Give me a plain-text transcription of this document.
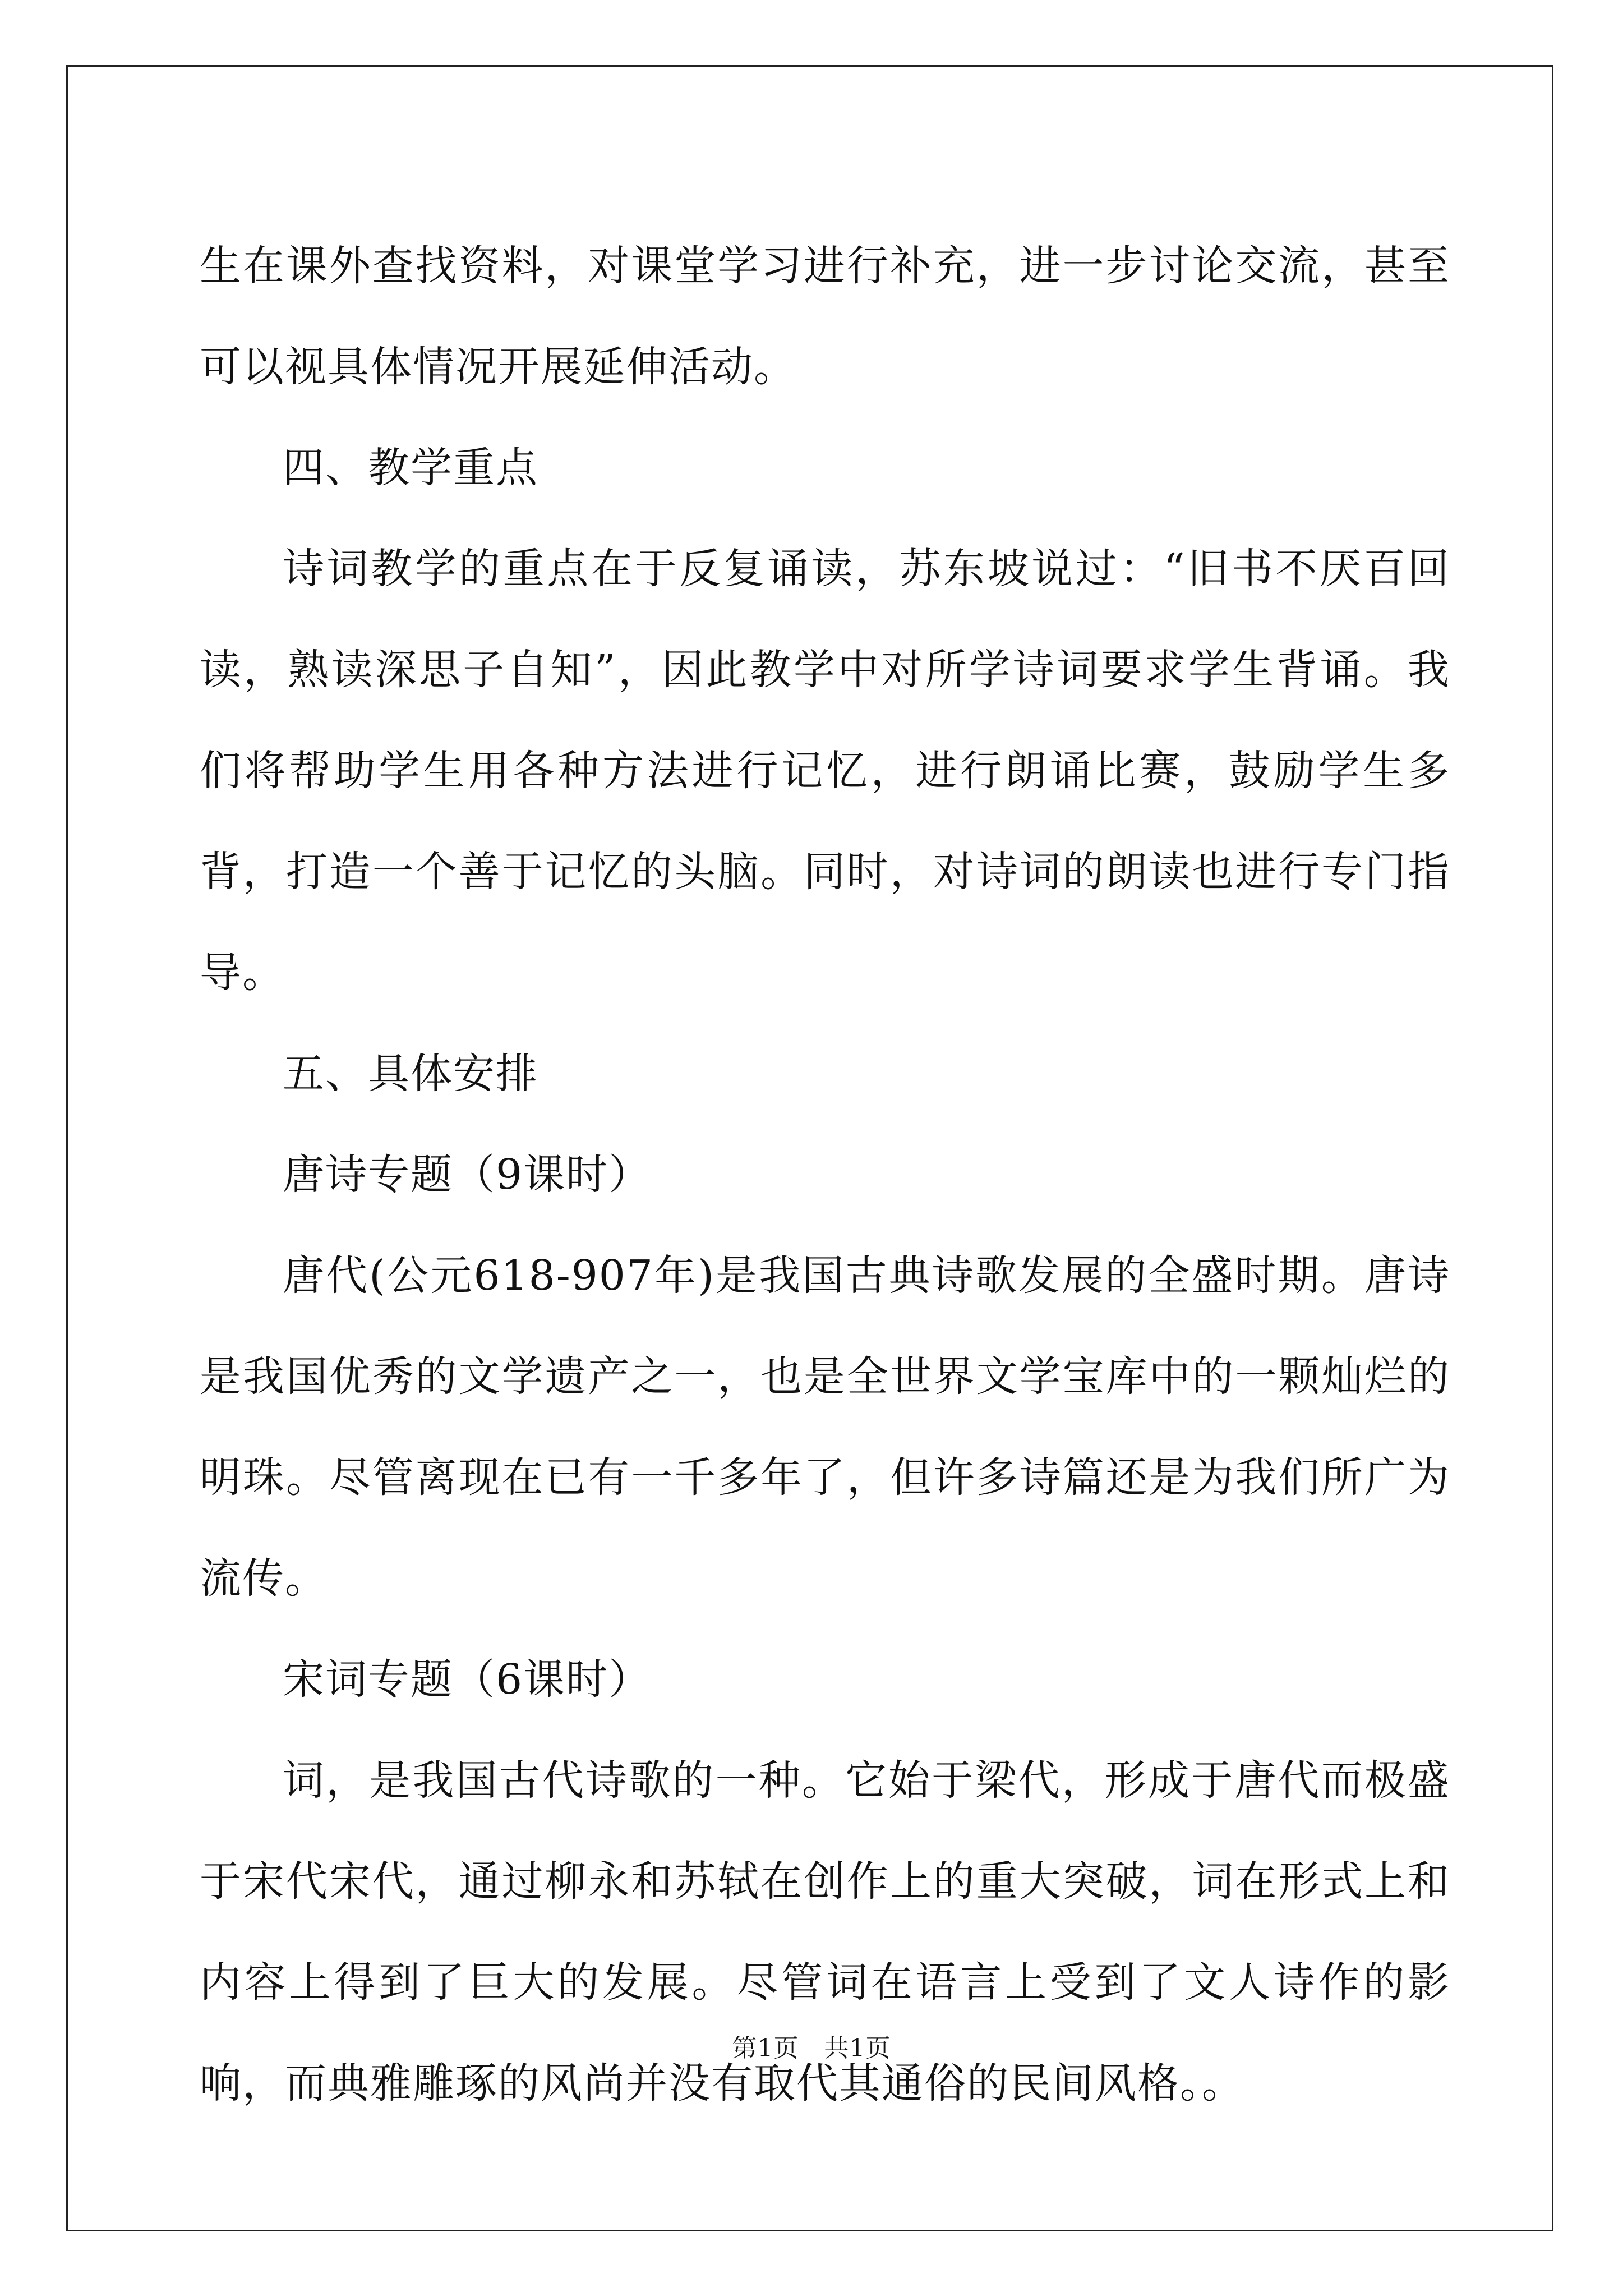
生在课外查找资料，对课堂学习进行补充，进一步讨论交流，甚至可以视具体情况开展延伸活动。

四、教学重点

诗词教学的重点在于反复诵读，苏东坡说过：“旧书不厌百回读，熟读深思子自知”，因此教学中对所学诗词要求学生背诵。我们将帮助学生用各种方法进行记忆，进行朗诵比赛，鼓励学生多背，打造一个善于记忆的头脑。同时，对诗词的朗读也进行专门指导。

五、具体安排

唐诗专题（9课时）

唐代(公元618-907年)是我国古典诗歌发展的全盛时期。唐诗是我国优秀的文学遗产之一，也是全世界文学宝库中的一颗灿烂的明珠。尽管离现在已有一千多年了，但许多诗篇还是为我们所广为流传。

宋词专题（6课时）

词，是我国古代诗歌的一种。它始于梁代，形成于唐代而极盛于宋代宋代，通过柳永和苏轼在创作上的重大突破，词在形式上和内容上得到了巨大的发展。尽管词在语言上受到了文人诗作的影响，而典雅雕琢的风尚并没有取代其通俗的民间风格。。

第1页 共1页
